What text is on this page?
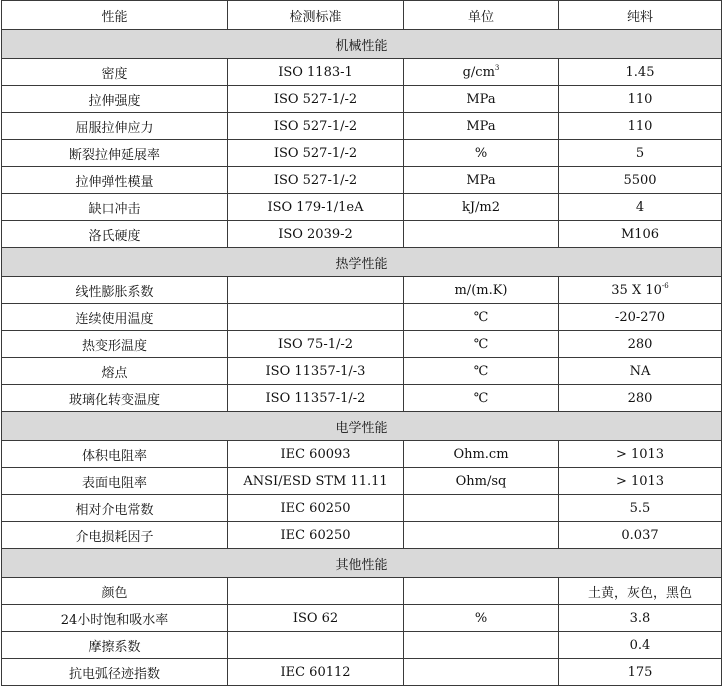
性能	检测标准	单位	纯料
机械性能			
密度	ISO 1183-1	$g/cm^3$	1.45
拉伸强度	ISO 527-1/-2	MPa	110
屈服拉伸应力	ISO 527-1/-2	MPa	110
断裂拉伸延展率	ISO 527-1/-2	%	5
拉伸弹性模量	ISO 527-1/-2	MPa	5500
缺口冲击	ISO 179-1/1eA	kJ/m2	4
洛氏硬度	ISO 2039-2		M106
热学性能			
线性膨胀系数		m/(m.K)	35 X $10^{-6}$
连续使用温度		℃	-20-270
热变形温度	ISO 75-1/-2	℃	280
熔点	ISO 11357-1/-3	℃	NA
玻璃化转变温度	ISO 11357-1/-2	℃	280
电学性能			
体积电阻率	IEC 60093	Ohm.cm	> 1013
表面电阻率	ANSI/ESD STM 11.11	Ohm/sq	> 1013
相对介电常数	IEC 60250		5.5
介电损耗因子	IEC 60250		0.037
其他性能			
颜色			土黄，灰色，黑色
24小时饱和吸水率	ISO 62	%	3.8
摩擦系数			0.4
抗电弧径迹指数	IEC 60112		175
